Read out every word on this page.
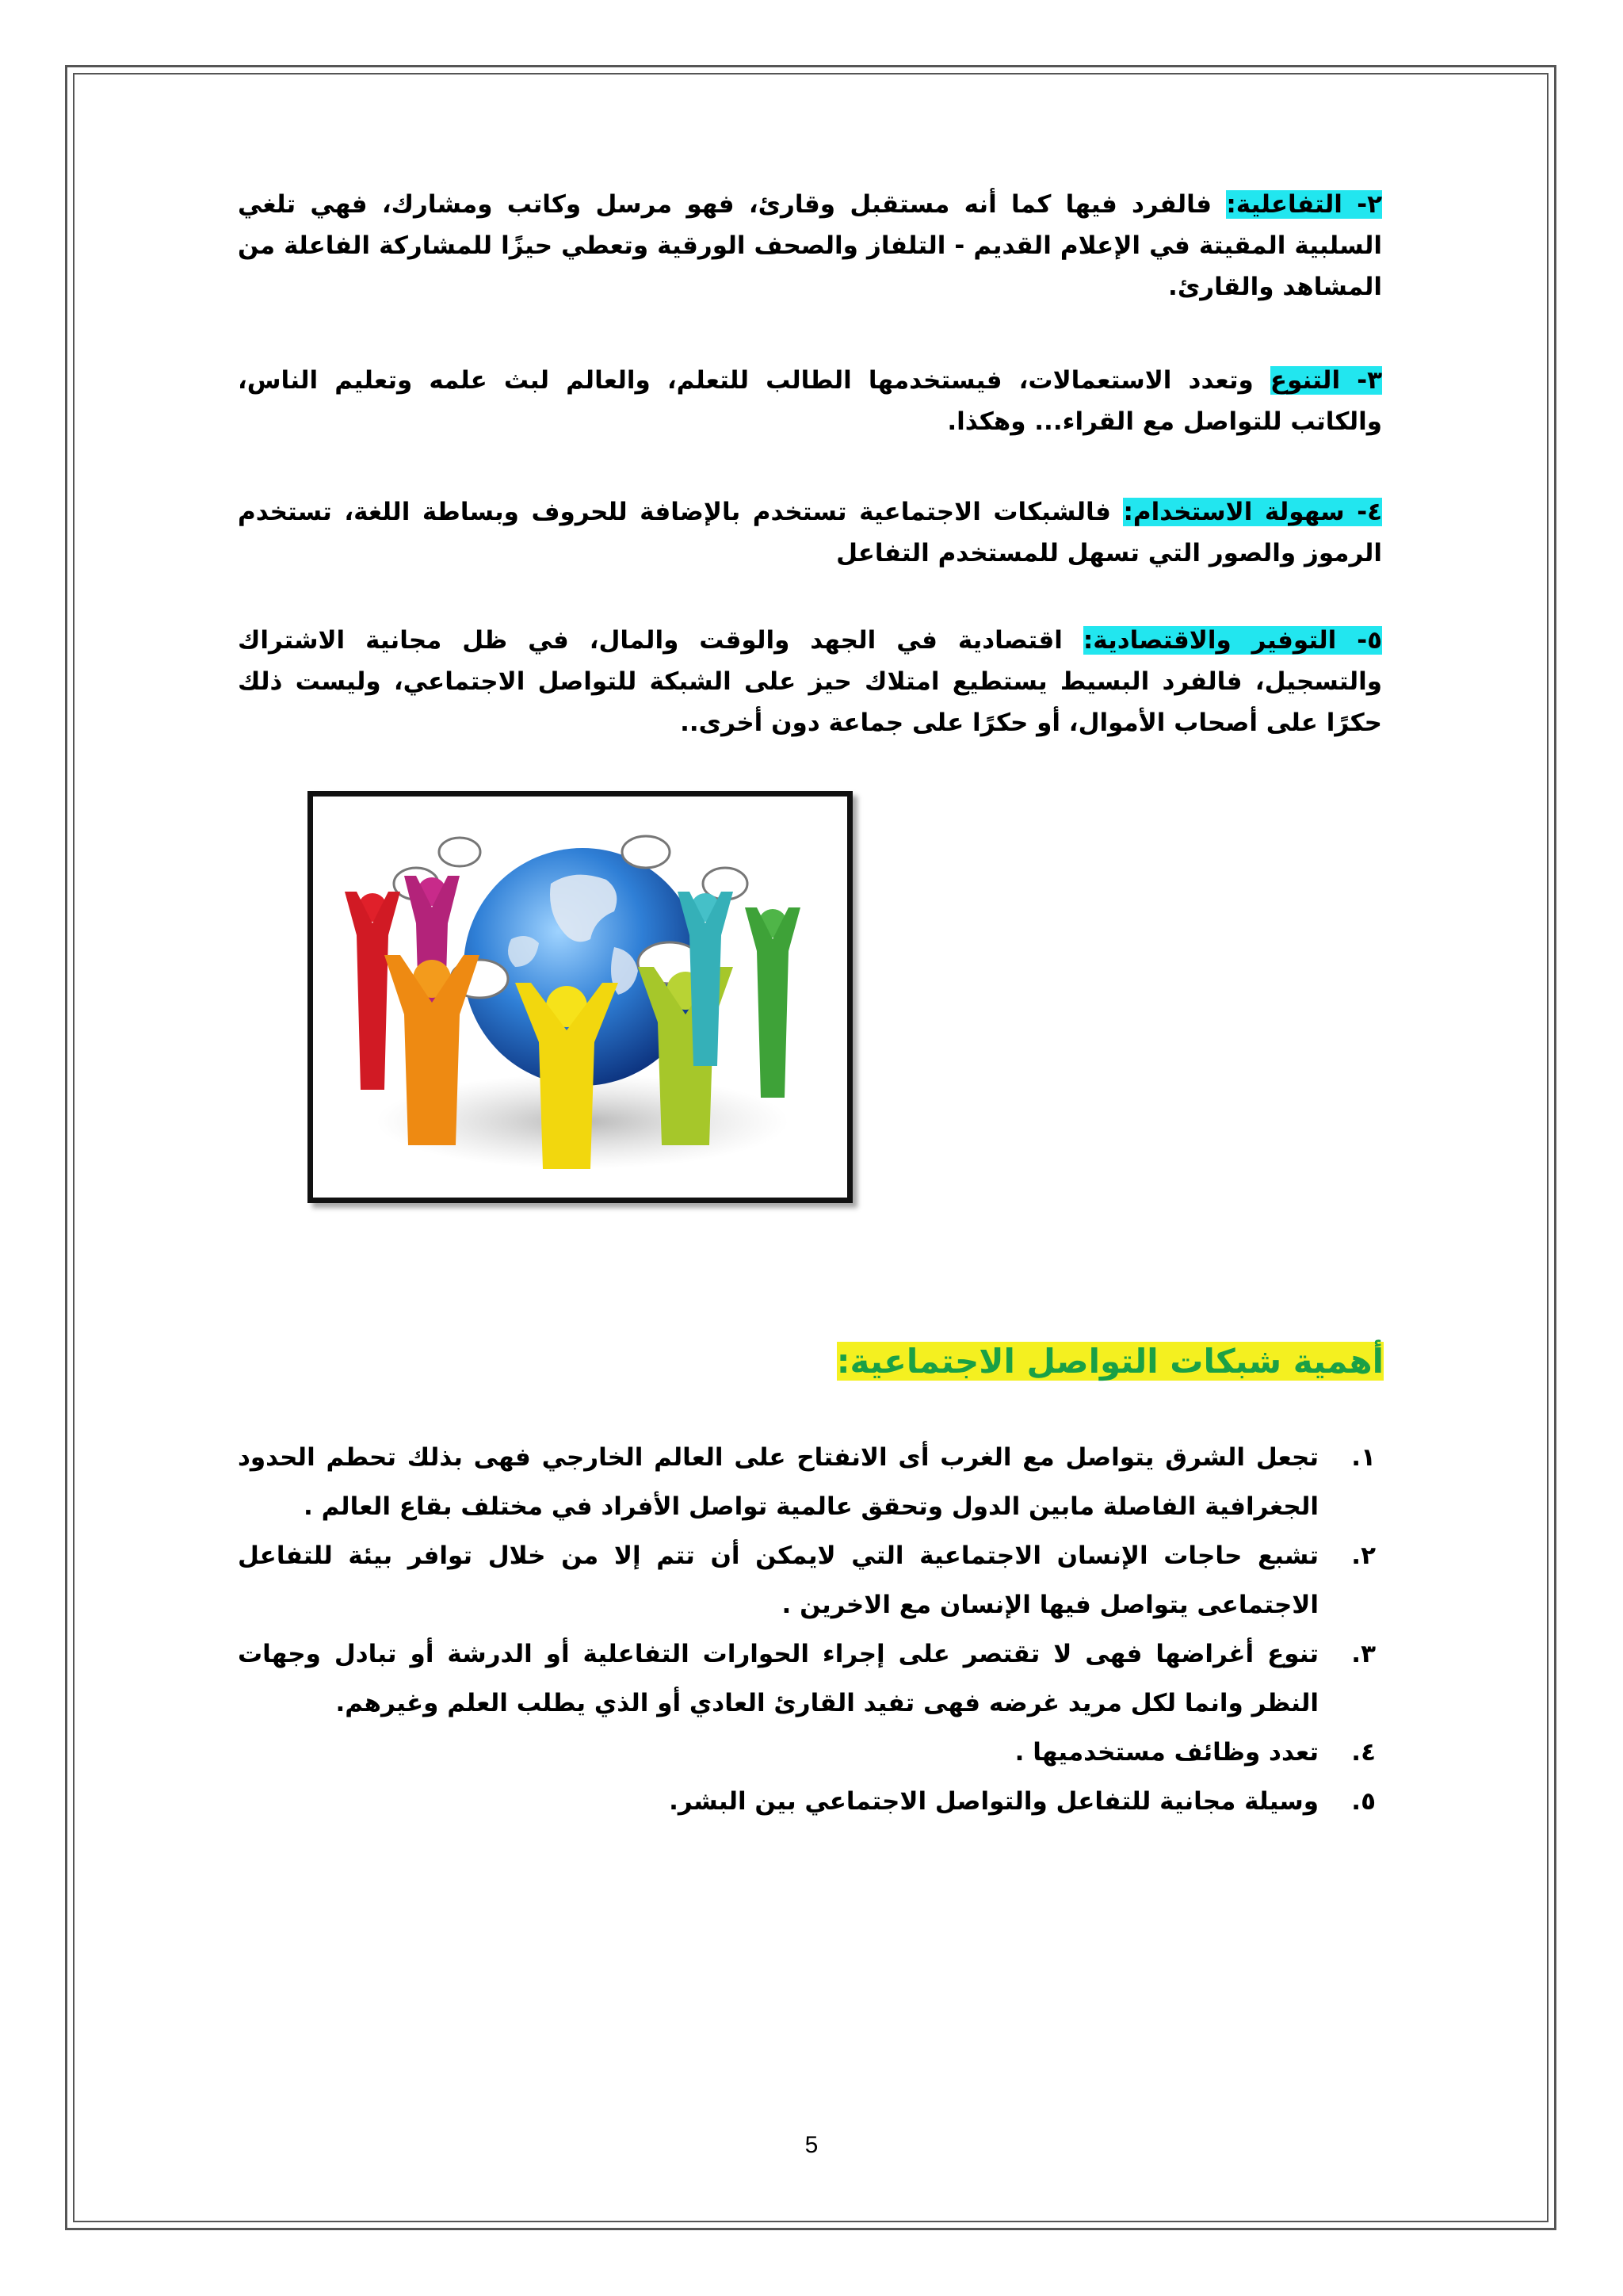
٢- التفاعلية: فالفرد فيها كما أنه مستقبل وقارئ، فهو مرسل وكاتب ومشارك، فهي تلغي السلبية المقيتة في الإعلام القديم - التلفاز والصحف الورقية وتعطي حيزًا للمشاركة الفاعلة من المشاهد والقارئ.

٣- التنوع وتعدد الاستعمالات، فيستخدمها الطالب للتعلم، والعالم لبث علمه وتعليم الناس، والكاتب للتواصل مع القراء... وهكذا.

٤- سهولة الاستخدام: فالشبكات الاجتماعية تستخدم بالإضافة للحروف وبساطة اللغة، تستخدم الرموز والصور التي تسهل للمستخدم التفاعل

٥- التوفير والاقتصادية: اقتصادية في الجهد والوقت والمال، في ظل مجانية الاشتراك والتسجيل، فالفرد البسيط يستطيع امتلاك حيز على الشبكة للتواصل الاجتماعي، وليست ذلك حكرًا على أصحاب الأموال، أو حكرًا على جماعة دون أخرى..

أهمية شبكات التواصل الاجتماعية:
١.
تجعل الشرق يتواصل مع الغرب أى الانفتاح على العالم الخارجي فهى بذلك تحطم الحدود الجغرافية الفاصلة مابين الدول وتحقق عالمية تواصل الأفراد في مختلف بقاع العالم .
٢.
تشبع حاجات الإنسان الاجتماعية التي لايمكن أن تتم إلا من خلال توافر بيئة للتفاعل الاجتماعى يتواصل فيها الإنسان مع الاخرين .
٣.
تنوع أغراضها فهى لا تقتصر على إجراء الحوارات التفاعلية أو الدرشة أو تبادل وجهات النظر وانما لكل مريد غرضه فهى تفيد القارئ العادي أو الذي يطلب العلم وغيرهم.
٤.
تعدد وظائف مستخدميها .
٥.
وسيلة مجانية للتفاعل والتواصل الاجتماعي بين البشر.
5
